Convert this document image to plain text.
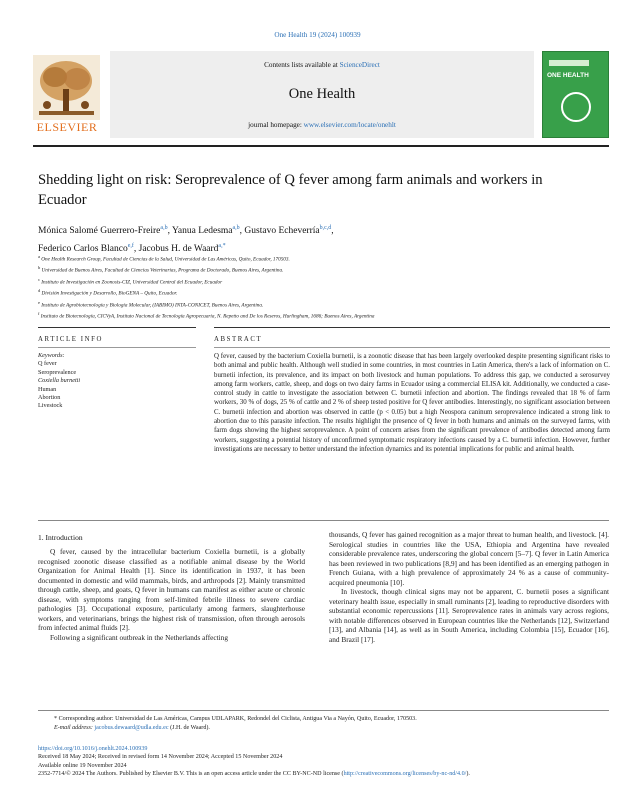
One Health 19 (2024) 100939
Contents lists available at ScienceDirect
One Health
journal homepage: www.elsevier.com/locate/onehlt
ELSEVIER
ONE HEALTH
Shedding light on risk: Seroprevalence of Q fever among farm animals and workers in Ecuador
Mónica Salomé Guerrero-Freire$^{a,b}$, Yanua Ledesma$^{a,b}$, Gustavo Echeverría$^{b,c,d}$,
Federico Carlos Blanco$^{e,f}$, Jacobus H. de Waard$^{a,*}$
$^a$ One Health Research Group, Facultad de Ciencias de la Salud, Universidad de Las Américas, Quito, Ecuador, 170503.
$^b$ Universidad de Buenos Aires, Facultad de Ciencias Veterinarias, Programa de Doctorado, Buenos Aires, Argentina.
$^c$ Instituto de Investigación en Zoonosis-CIZ, Universidad Central del Ecuador, Ecuador
$^d$ División Investigación y Desarrollo, BioGENA – Quito, Ecuador.
$^e$ Instituto de Agrobiotecnología y Biología Molecular, (IABIMO) INTA-CONICET, Buenos Aires, Argentina.
$^f$ Instituto de Biotecnología, CICVyA, Instituto Nacional de Tecnología Agropecuaria, N. Repetto and De los Reseros, Hurlingham, 1686; Buenos Aires, Argentina
ARTICLE INFO	ABSTRACT
Keywords:
Q fever
Seroprevalence
Coxiella burnetii
Human
Abortion
Livestock
Q fever, caused by the bacterium Coxiella burnetii, is a zoonotic disease that has been largely overlooked despite presenting significant risks to both animal and public health. Although well studied in some countries, in most countries in Latin America, there's a lack of information on C. burnetii infection, its prevalence, and its impact on both livestock and human populations. To address this gap, we conducted a serosurvey among farm workers, cattle, sheep, and dogs on two dairy farms in Ecuador using a commercial ELISA kit. Additionally, we conducted a case-control study in cattle to investigate the association between C. burnetii infection and abortion. The findings revealed that 18 % of farm workers, 30 % of dogs, 25 % of cattle and 2 % of sheep tested positive for Q fever antibodies. Interestingly, no significant association between C. burnetii infection and abortion was observed in cattle (p < 0.05) but a high Neospora caninum seroprevalence indicated a strong link to abortion due to this parasite infection. The results highlight the presence of Q fever in both humans and animals on the surveyed farms, with farm dogs showing the highest seroprevalence. A point of concern arises from the significant prevalence of antibodies detected among farm workers, suggesting a potential history of unconfirmed symptomatic respiratory infections caused by a C. burnetii infection. However, further investigations are necessary to better understand the infection dynamics and its potential implications for public and animal health.
1. Introduction

Q fever, caused by the intracellular bacterium Coxiella burnetii, is a globally recognised zoonotic disease classified as a notifiable animal disease by the World Organization for Animal Health [1]. Since its identification in 1937, it has been documented in domestic and wild mammals, birds, and arthropods [2]. Mainly transmitted through cattle, sheep, and goats, Q fever in humans can manifest as either acute or chronic disease, with symptoms ranging from self-limited febrile illness to severe cardiac pathologies [3]. Occupational exposure, particularly among farmers, slaughterhouse workers, and veterinarians, brings the highest risk of transmission, often through aerosols from infected animal fluids [2].

Following a significant outbreak in the Netherlands affecting

thousands, Q fever has gained recognition as a major threat to human health, and livestock. [4]. Serological studies in countries like the USA, Ethiopia and Argentina have revealed considerable prevalence rates, underscoring the global concern [5–7]. Q fever in Latin America has been reviewed in two publications [8,9] and has been identified as an emerging pathogen in French Guiana, with a high prevalence of approximately 24 % as a cause of community-acquired pneumonia [10].

In livestock, though clinical signs may not be apparent, C. burnetii poses a significant veterinary health issue, especially in small ruminants [2], leading to reproductive disorders with substantial economic repercussions [11]. Seroprevalence rates in animals vary across regions, with notable differences observed in European countries like the Netherlands [12], Switzerland [13], and Albania [14], as well as in South America, including Colombia [15], Ecuador [16], and Brazil [17].

* Corresponding author: Universidad de Las Américas, Campus UDLAPARK, Redondel del Ciclista, Antigua Via a Nayón, Quito, Ecuador, 170503.
E-mail address: jacobus.dewaard@udla.edu.ec (J.H. de Waard).
https://doi.org/10.1016/j.onehlt.2024.100939
Received 18 May 2024; Received in revised form 14 November 2024; Accepted 15 November 2024
Available online 19 November 2024
2352-7714/© 2024 The Authors. Published by Elsevier B.V. This is an open access article under the CC BY-NC-ND license (http://creativecommons.org/licenses/by-nc-nd/4.0/).
